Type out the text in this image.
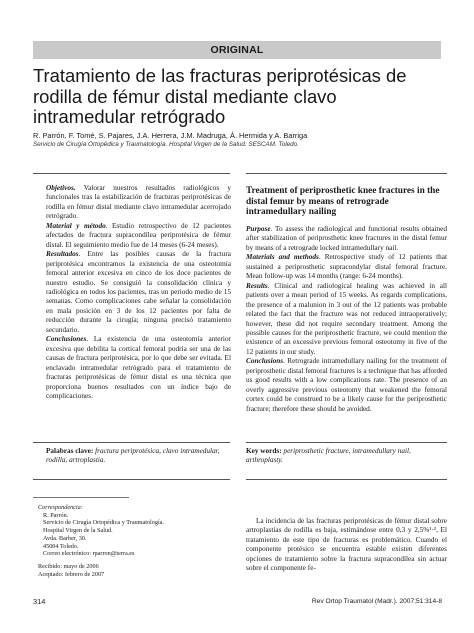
ORIGINAL
Tratamiento de las fracturas periprotésicas de rodilla de fémur distal mediante clavo intramedular retrógrado
R. Parrón, F. Tomé, S. Pajares, J.A. Herrera, J.M. Madruga, Á. Hermida y A. Barriga
Servicio de Cirugía Ortopédica y Traumatología. Hospital Virgen de la Salud. SESCAM. Toledo.

Objetivos. Valorar nuestros resultados radiológicos y funcionales tras la estabilización de fracturas periprotésicas de rodilla en fémur distal mediante clavo intramedular acerrojado retrógrado.

Material y método. Estudio retrospectivo de 12 pacientes afectados de fractura supracondílea periprotésica de fémur distal. El seguimiento medio fue de 14 meses (6-24 meses).

Resultados. Entre las posibles causas de la fractura periprotésica encontramos la existencia de una osteotomía femoral anterior excesiva en cinco de los doce pacientes de nuestro estudio. Se consiguió la consolidación clínica y radiológica en todos los pacientes, tras un periodo medio de 15 semanas. Como complicaciones cabe señalar la consolidación en mala posición en 3 de los 12 pacientes por falta de reducción durante la cirugía; ninguna precisó tratamiento secundario.

Conclusiones. La existencia de una osteotomía anterior excesiva que debilita la cortical femoral podría ser una de las causas de fractura periprotésica, por lo que debe ser evitada. El enclavado intramedular retrógrado para el tratamiento de fracturas periprotésicas de fémur distal es una técnica que proporciona buenos resultados con un índice bajo de complicaciones.

Treatment of periprosthetic knee fractures in the distal femur by means of retrograde intramedullary nailing

Purpose. To assess the radiological and functional results obtained after stabilization of periprosthetic knee fractures in the distal femur by means of a retrograde locked intramedullary nail.

Materials and methods. Retrospective study of 12 patients that sustained a periprosthetic supracondylar distal femoral fracture. Mean follow-up was 14 months (range: 6-24 months).

Results. Clinical and radiological healing was achieved in all patients over a mean period of 15 weeks. As regards complications, the presence of a malunion in 3 out of the 12 patients was probable related the fact that the fracture was not reduced intraoperatively; however, these did not require secondary treatment. Among the possible causes for the periprosthetic fracture, we could mention the existence of an excessive previous femoral osteotomy in five of the 12 patients in our study.

Conclusions. Retrograde intramedullary nailing for the treatment of periprosthetic distal femoral fractures is a technique that has afforded us good results with a low complications rate. The presence of an overly aggressive previous osteotomy that weakened the femoral cortex could be construed to be a likely cause for the periprosthetic fracture; therefore these should be avoided.

Palabras clave: fractura periprotésica, clavo intramedular, rodilla, artroplastia.
Key words: periprosthetic fracture, intramedullary nail, arthroplasty.
Correspondencia:
R. Parrón.
Servicio de Cirugía Ortopédica y Traumatología.
Hospital Virgen de la Salud.
Avda. Barber, 30.
45004 Toledo.
Correo electrónico: rparron@terra.es
Recibido: mayo de 2006
Aceptado: febrero de 2007
La incidencia de las fracturas periprotésicas de fémur distal sobre artroplastias de rodilla es baja, estimándose entre 0,3 y 2,5%¹·², El tratamiento de este tipo de fracturas es problemático. Cuando el componente protésico se encuentra estable existen diferentes opciones de tratamiento sobre la fractura supracondílea sin actuar sobre el componente fe-
314	Rev Ortop Traumatol (Madr.). 2007;51:314-8
